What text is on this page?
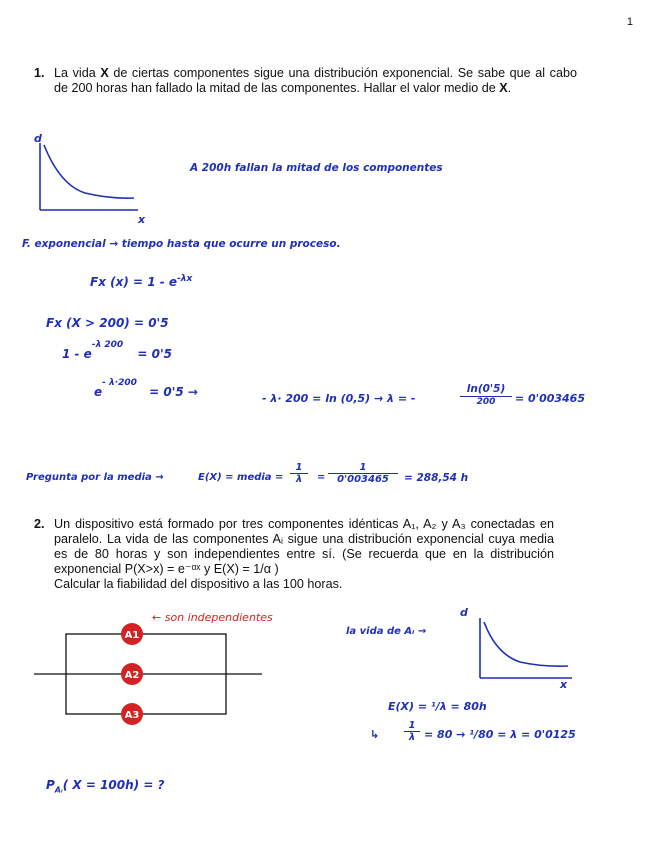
1
1. La vida X de ciertas componentes sigue una distribución exponencial. Se sabe que al cabo de 200 horas han fallado la mitad de las componentes. Hallar el valor medio de X.
d
x
A 200h fallan la mitad de los componentes
F. exponencial → tiempo hasta que ocurre un proceso.
Fx $(x) = 1 - e^{-\lambda x}$
Fx (X > 200) = 0'5
$1 - e^{-\lambda 200} = 0'5$
$e^{- \lambda\cdot 200} = 0'5$ →	- λ· 200 = ln (0,5) → λ = -	$\frac{\ln(0'5)}{200} = 0'003465$
Pregunta por la media →	E(X) = media = $\frac{1}{\lambda} = \frac{1}{0'003465} = 288,54$ h
2. Un dispositivo está formado por tres componentes idénticas A₁, A₂ y A₃ conectadas en paralelo. La vida de las componentes Aᵢ sigue una distribución exponencial cuya media es de 80 horas y son independientes entre sí. (Se recuerda que en la distribución exponencial P(X>x) = e⁻ᵅˣ y E(X) = 1/α )
Calcular la fiabilidad del dispositivo a las 100 horas.
A1
A2
A3
← son independientes
la vida de Aᵢ →
d
x
E(X) = ¹/λ = 80h
↳ $\frac{1}{\lambda} = 80 \to ^1/80 = \lambda = 0'0125$
$P_{Aᵢ}$( X = 100h) = ?
